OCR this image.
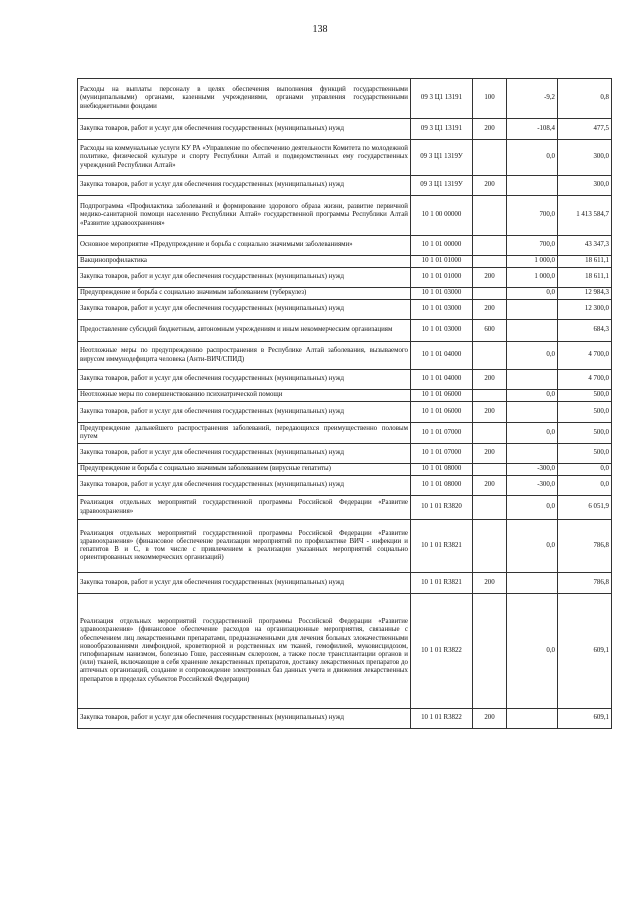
138
Расходы на выплаты персоналу в целях обеспечения выполнения функций государственными (муниципальными) органами, казенными учреждениями, органами управления государственными внебюджетными фондами	09 3 Ц1 13191	100	-9,2	0,8
Закупка товаров, работ и услуг для обеспечения государственных (муниципальных) нужд	09 3 Ц1 13191	200	-108,4	477,5
Расходы на коммунальные услуги КУ РА «Управление по обеспечению деятельности Комитета по молодежной политике, физической культуре и спорту Республики Алтай и подведомственных ему государственных учреждений Республики Алтай»	09 3 Ц1 1319У		0,0	300,0
Закупка товаров, работ и услуг для обеспечения государственных (муниципальных) нужд	09 3 Ц1 1319У	200		300,0
Подпрограмма «Профилактика заболеваний и формирование здорового образа жизни, развитие первичной медико-санитарной помощи населению Республики Алтай» государственной программы Республики Алтай «Развитие здравоохранения»	10 1 00 00000		700,0	1 413 584,7
Основное мероприятие «Предупреждение и борьба с социально значимыми заболеваниями»	10 1 01 00000		700,0	43 347,3
Вакцинопрофилактика	10 1 01 01000		1 000,0	18 611,1
Закупка товаров, работ и услуг для обеспечения государственных (муниципальных) нужд	10 1 01 01000	200	1 000,0	18 611,1
Предупреждение и борьба с социально значимым заболеванием (туберкулез)	10 1 01 03000		0,0	12 984,3
Закупка товаров, работ и услуг для обеспечения государственных (муниципальных) нужд	10 1 01 03000	200		12 300,0
Предоставление субсидий бюджетным, автономным учреждениям и иным некоммерческим организациям	10 1 01 03000	600		684,3
Неотложные меры по предупреждению распространения в Республике Алтай заболевания, вызываемого вирусом иммунодефицита человека (Анти-ВИЧ/СПИД)	10 1 01 04000		0,0	4 700,0
Закупка товаров, работ и услуг для обеспечения государственных (муниципальных) нужд	10 1 01 04000	200		4 700,0
Неотложные меры по совершенствованию психиатрической помощи	10 1 01 06000		0,0	500,0
Закупка товаров, работ и услуг для обеспечения государственных (муниципальных) нужд	10 1 01 06000	200		500,0
Предупреждение дальнейшего распространения заболеваний, передающихся преимущественно половым путем	10 1 01 07000		0,0	500,0
Закупка товаров, работ и услуг для обеспечения государственных (муниципальных) нужд	10 1 01 07000	200		500,0
Предупреждение и борьба с социально значимым заболеванием (вирусные гепатиты)	10 1 01 08000		-300,0	0,0
Закупка товаров, работ и услуг для обеспечения государственных (муниципальных) нужд	10 1 01 08000	200	-300,0	0,0
Реализация отдельных мероприятий государственной программы Российской Федерации «Развитие здравоохранения»	10 1 01 R3820		0,0	6 051,9
Реализация отдельных мероприятий государственной программы Российской Федерации «Развитие здравоохранения» (финансовое обеспечение реализации мероприятий по профилактике ВИЧ - инфекции и гепатитов В и С, в том числе с привлечением к реализации указанных мероприятий социально ориентированных некоммерческих организаций)	10 1 01 R3821		0,0	786,8
Закупка товаров, работ и услуг для обеспечения государственных (муниципальных) нужд	10 1 01 R3821	200		786,8
Реализация отдельных мероприятий государственной программы Российской Федерации «Развитие здравоохранения» (финансовое обеспечение расходов на организационные мероприятия, связанные с обеспечением лиц лекарственными препаратами, предназначенными для лечения больных злокачественными новообразованиями лимфоидной, кроветворной и родственных им тканей, гемофилией, муковисцидозом, гипофизарным нанизмом, болезнью Гоше, рассеянным склерозом, а также после трансплантации органов и (или) тканей, включающие в себя хранение лекарственных препаратов, доставку лекарственных препаратов до аптечных организаций, создание и сопровождение электронных баз данных учета и движения лекарственных препаратов в пределах субъектов Российской Федерации)	10 1 01 R3822		0,0	609,1
Закупка товаров, работ и услуг для обеспечения государственных (муниципальных) нужд	10 1 01 R3822	200		609,1
